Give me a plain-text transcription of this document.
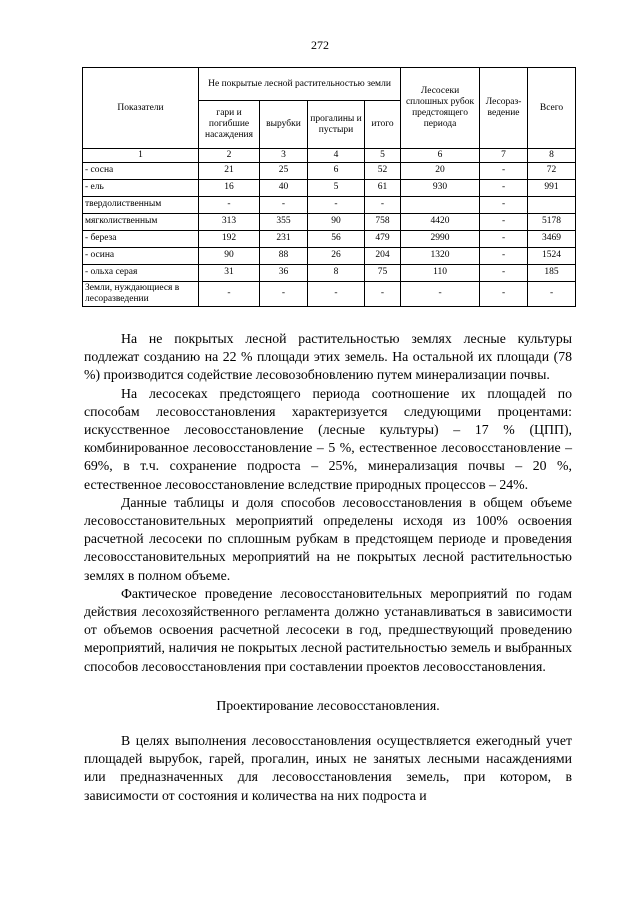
272
Показатели	Не покрытые лесной растительностью земли				Лесосеки сплошных рубок предстоящего периода	Лесораз-ведение	Всего
	гари и погибшие насаждения	вырубки	прогалины и пустыри	итого			
1	2	3	4	5	6	7	8
- сосна	21	25	6	52	20	-	72
- ель	16	40	5	61	930	-	991
твердолиственным	-	-	-	-		-	
мягколиственным	313	355	90	758	4420	-	5178
- береза	192	231	56	479	2990	-	3469
- осина	90	88	26	204	1320	-	1524
- ольха серая	31	36	8	75	110	-	185
Земли, нуждающиеся в лесоразведении	-	-	-	-	-	-	-

На не покрытых лесной растительностью землях лесные культуры подлежат созданию на 22 % площади этих земель. На остальной их площади (78 %) производится содействие лесовозобновлению путем минерализации почвы.

На лесосеках предстоящего периода соотношение их площадей по способам лесовосстановления характеризуется следующими процентами: искусственное лесовосстановление (лесные культуры) – 17 % (ЦПП), комбинированное лесовосстановление – 5 %, естественное лесовосстановление – 69%, в т.ч. сохранение подроста – 25%, минерализация почвы – 20 %, естественное лесовосстановление вследствие природных процессов – 24%.

Данные таблицы и доля способов лесовосстановления в общем объеме лесовосстановительных мероприятий определены исходя из 100% освоения расчетной лесосеки по сплошным рубкам в предстоящем периоде и проведения лесовосстановительных мероприятий на не покрытых лесной растительностью землях в полном объеме.

Фактическое проведение лесовосстановительных мероприятий по годам действия лесохозяйственного регламента должно устанавливаться в зависимости от объемов освоения расчетной лесосеки в год, предшествующий проведению мероприятий, наличия не покрытых лесной растительностью земель и выбранных способов лесовосстановления при составлении проектов лесовосстановления.

Проектирование лесовосстановления.

В целях выполнения лесовосстановления осуществляется ежегодный учет площадей вырубок, гарей, прогалин, иных не занятых лесными насаждениями или предназначенных для лесовосстановления земель, при котором, в зависимости от состояния и количества на них подроста и
